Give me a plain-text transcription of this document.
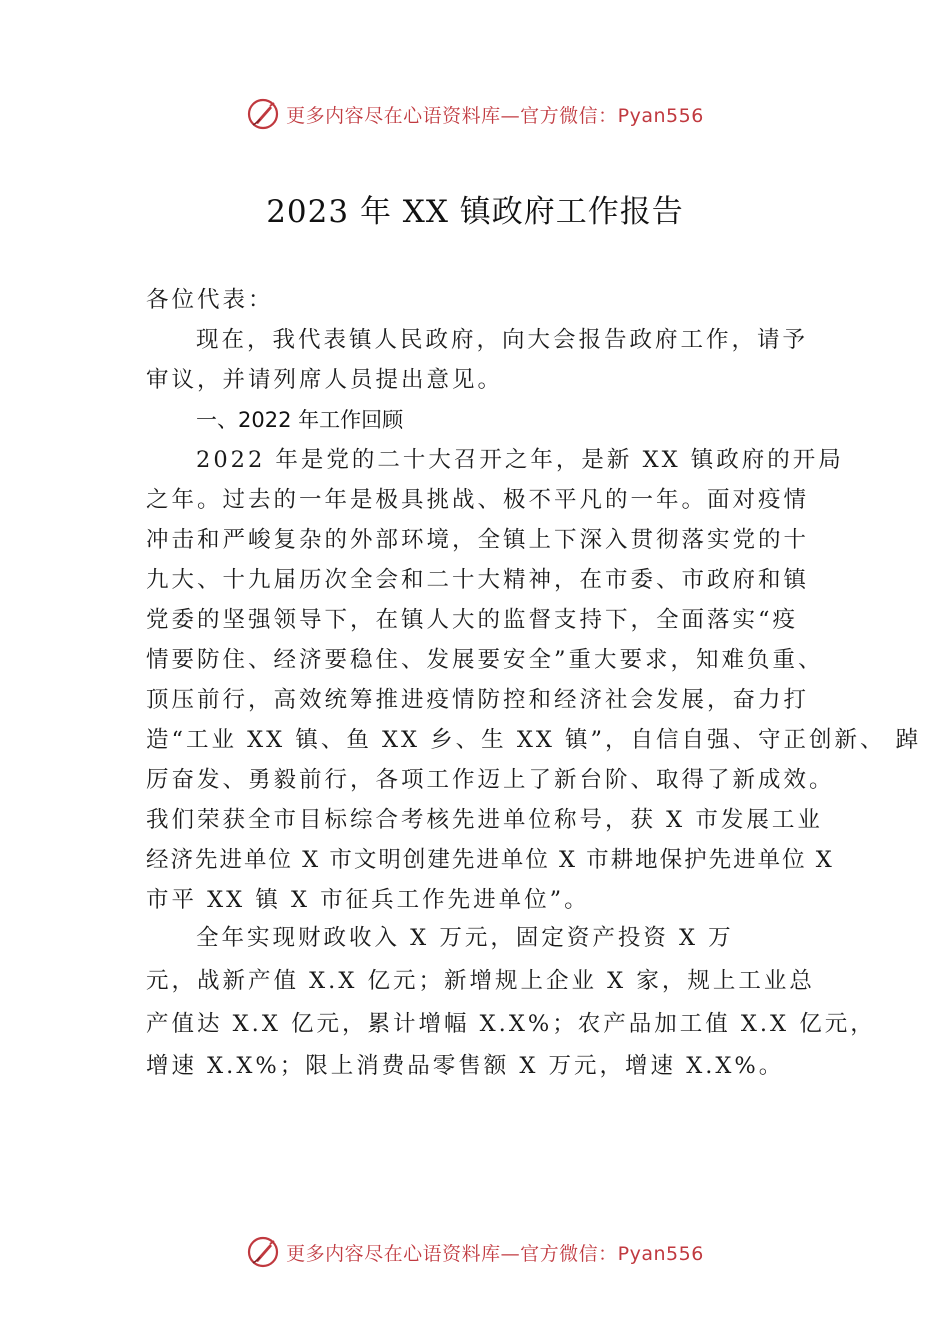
更多内容尽在心语资料库—官方微信：Pyan556
2023 年 XX 镇政府工作报告
各位代表：
现在，我代表镇人民政府，向大会报告政府工作，请予
审议，并请列席人员提出意见。
一、2022 年工作回顾
2022 年是党的二十大召开之年，是新 XX 镇政府的开局
之年。过去的一年是极具挑战、极不平凡的一年。面对疫情
冲击和严峻复杂的外部环境，全镇上下深入贯彻落实党的十
九大、十九届历次全会和二十大精神，在市委、市政府和镇
党委的坚强领导下，在镇人大的监督支持下，全面落实“疫
情要防住、经济要稳住、发展要安全”重大要求，知难负重、
顶压前行，高效统筹推进疫情防控和经济社会发展，奋力打
造“工业 XX 镇、鱼 XX 乡、生 XX 镇”，自信自强、守正创新、 踔
厉奋发、勇毅前行，各项工作迈上了新台阶、取得了新成效。
我们荣获全市目标综合考核先进单位称号，获 X 市发展工业
经济先进单位 X 市文明创建先进单位 X 市耕地保护先进单位 X
市平 XX 镇 X 市征兵工作先进单位”。
全年实现财政收入 X 万元，固定资产投资 X 万
元，战新产值 X.X 亿元；新增规上企业 X 家，规上工业总
产值达 X.X 亿元，累计增幅 X.X%；农产品加工值 X.X 亿元，
增速 X.X%；限上消费品零售额 X 万元，增速 X.X%。
更多内容尽在心语资料库—官方微信：Pyan556
